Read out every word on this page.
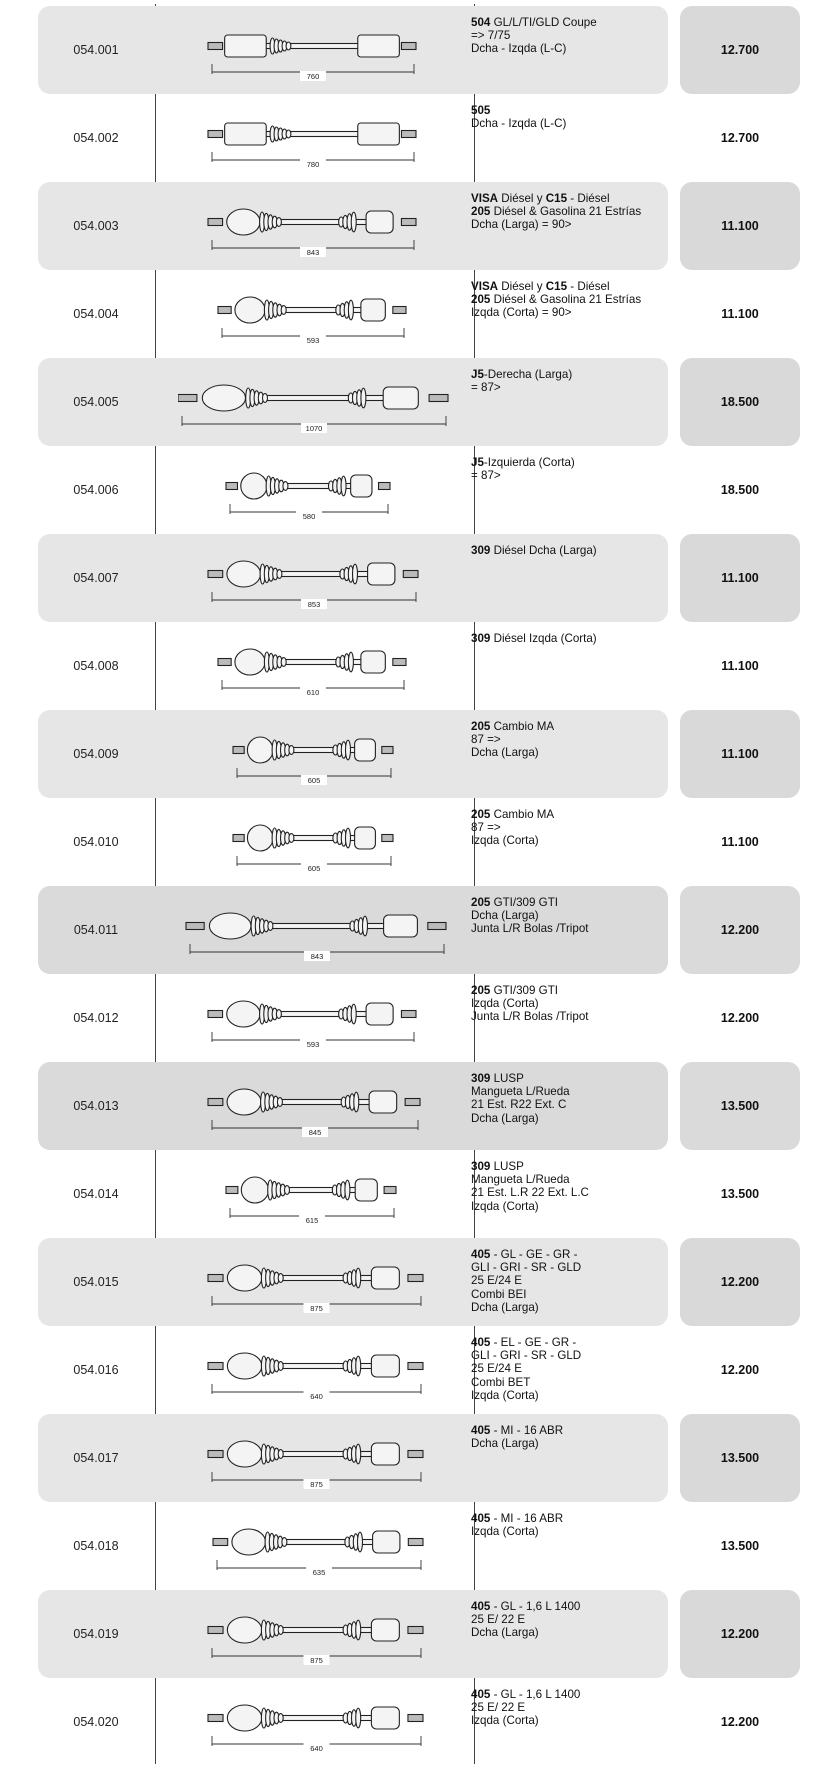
054.001
760
504 GL/L/TI/GLD Coupe
=> 7/75
Dcha - Izqda (L-C)	12.700
054.002
780
505
Dcha - Izqda (L-C)
12.700
054.003
843
VISA Diésel y C15 - Diésel
205 Diésel & Gasolina 21 Estrías
Dcha (Larga) = 90>	11.100
054.004
593
VISA Diésel y C15 - Diésel
205 Diésel & Gasolina 21 Estrías
Izqda (Corta) = 90>	11.100
054.005
1070
J5-Derecha (Larga)
= 87>
18.500
054.006
580
J5-Izquierda (Corta)
= 87>
18.500
054.007
853
309 Diésel Dcha (Larga)
11.100
054.008
610
309 Diésel Izqda (Corta)
11.100
054.009
605
205 Cambio MA
87 =>
Dcha (Larga)	11.100
054.010
605
205 Cambio MA
87 =>
Izqda (Corta)	11.100
054.011
843
205 GTI/309 GTI
Dcha (Larga)
Junta L/R Bolas /Tripot	12.200
054.012
593
205 GTI/309 GTI
Izqda (Corta)
Junta L/R Bolas /Tripot	12.200
054.013
845
309 LUSP
Mangueta L/Rueda
21 Est. R22 Ext. C
Dcha (Larga)
13.500
054.014
615
309 LUSP
Mangueta L/Rueda
21 Est. L.R 22 Ext. L.C
Izqda (Corta)
13.500
054.015
875
405 - GL - GE - GR -
GLI - GRI - SR - GLD
25 E/24 E
Combi BEI
Dcha (Larga)
12.200
054.016
640
405 - EL - GE - GR -
GLI - GRI - SR - GLD
25 E/24 E
Combi BET
Izqda (Corta)
12.200
054.017
875
405 - MI - 16 ABR
Dcha (Larga)
13.500
054.018
635
405 - MI - 16 ABR
Izqda (Corta)
13.500
054.019
875
405 - GL - 1,6 L 1400
25 E/ 22 E
Dcha (Larga)	12.200
054.020
640
405 - GL - 1,6 L 1400
25 E/ 22 E
Izqda (Corta)	12.200
